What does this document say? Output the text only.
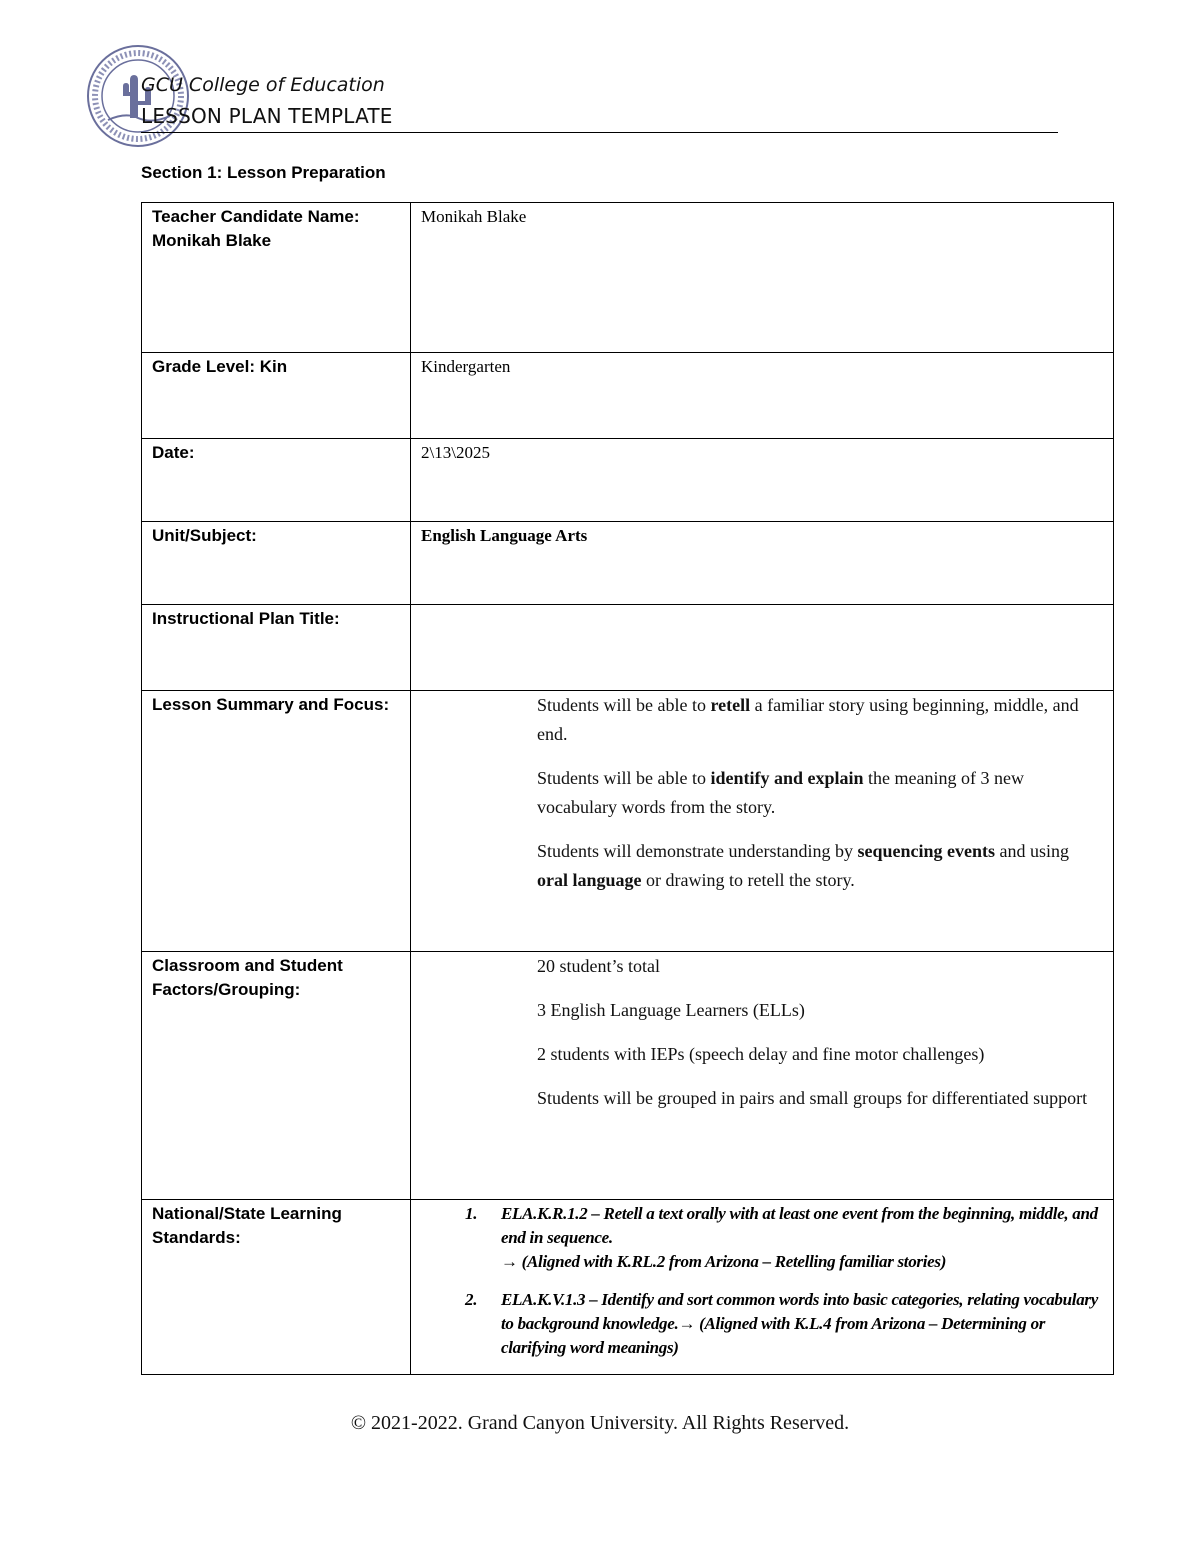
GCU College of Education
LESSON PLAN TEMPLATE
Section 1: Lesson Preparation
Teacher Candidate Name: Monikah Blake	Monikah Blake
Grade Level: Kin	Kindergarten
Date:	2\13\2025
Unit/Subject:	English Language Arts
Instructional Plan Title:	
Lesson Summary and Focus:	Students will be able to retell a familiar story using beginning, middle, and end.

Students will be able to identify and explain the meaning of 3 new vocabulary words from the story.

Students will demonstrate understanding by sequencing events and using oral language or drawing to retell the story.

Classroom and Student Factors/Grouping:	20 student’s total

3 English Language Learners (ELLs)

2 students with IEPs (speech delay and fine motor challenges)

Students will be grouped in pairs and small groups for differentiated support

National/State Learning Standards:	1. ELA.K.R.1.2 – Retell a text orally with at least one event from the beginning, middle, and end in sequence.
→ (Aligned with K.RL.2 from Arizona – Retelling familiar stories)
2. ELA.K.V.1.3 – Identify and sort common words into basic categories, relating vocabulary to background knowledge.→ (Aligned with K.L.4 from Arizona – Determining or clarifying word meanings)
© 2021-2022. Grand Canyon University. All Rights Reserved.
